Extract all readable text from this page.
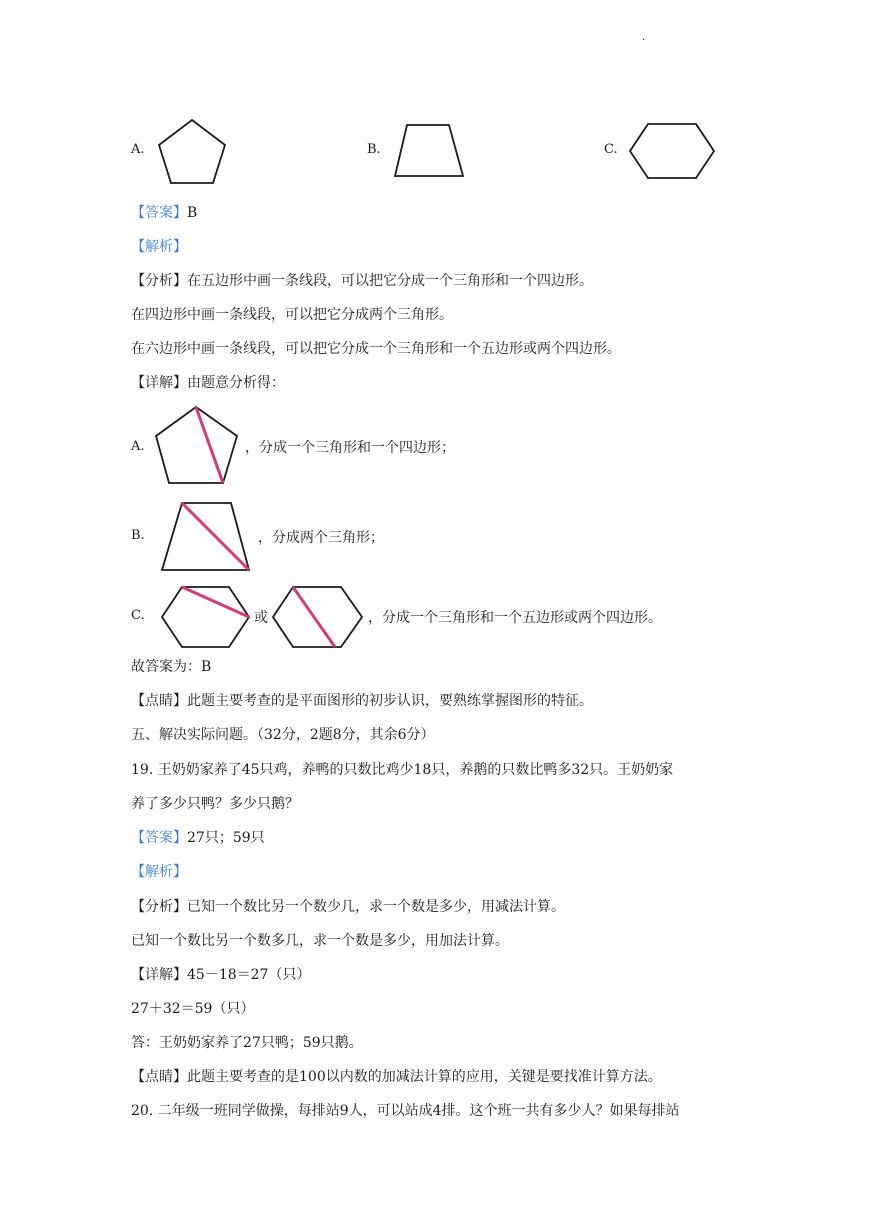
.
A.	B.	C.
【答案】B
【解析】
【分析】在五边形中画一条线段，可以把它分成一个三角形和一个四边形。
在四边形中画一条线段，可以把它分成两个三角形。
在六边形中画一条线段，可以把它分成一个三角形和一个五边形或两个四边形。
【详解】由题意分析得：
A.	，分成一个三角形和一个四边形；
B.	，分成两个三角形；
C.	或	，分成一个三角形和一个五边形或两个四边形。
故答案为：B
【点睛】此题主要考查的是平面图形的初步认识，要熟练掌握图形的特征。
五、解决实际问题。（32分，2题8分，其余6分）
19. 王奶奶家养了45只鸡，养鸭的只数比鸡少18只，养鹅的只数比鸭多32只。王奶奶家
养了多少只鸭？多少只鹅？
【答案】27只；59只
【解析】
【分析】已知一个数比另一个数少几，求一个数是多少，用减法计算。
已知一个数比另一个数多几，求一个数是多少，用加法计算。
【详解】45－18＝27（只）
27＋32＝59（只）
答：王奶奶家养了27只鸭；59只鹅。
【点睛】此题主要考查的是100以内数的加减法计算的应用，关键是要找准计算方法。
20. 二年级一班同学做操，每排站9人，可以站成4排。这个班一共有多少人？如果每排站
